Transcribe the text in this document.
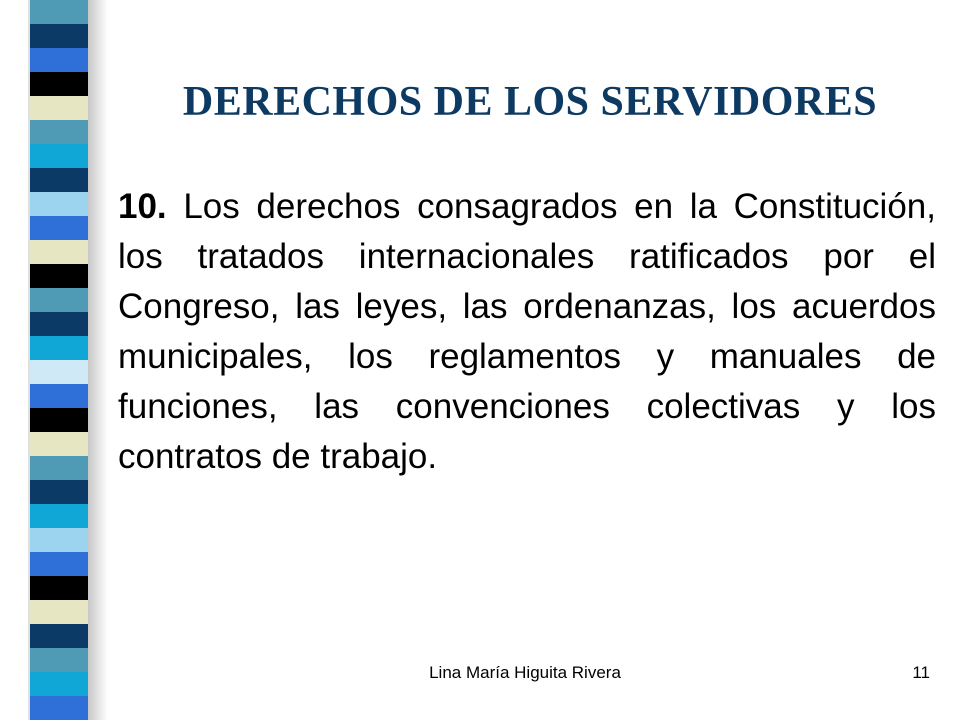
DERECHOS DE LOS SERVIDORES

10. Los derechos consagrados en la Constitución, los tratados internacionales ratificados por el Congreso, las leyes, las ordenanzas, los acuerdos municipales, los reglamentos y manuales de funciones, las convenciones colectivas y los contratos de trabajo.

Lina María Higuita Rivera	11
